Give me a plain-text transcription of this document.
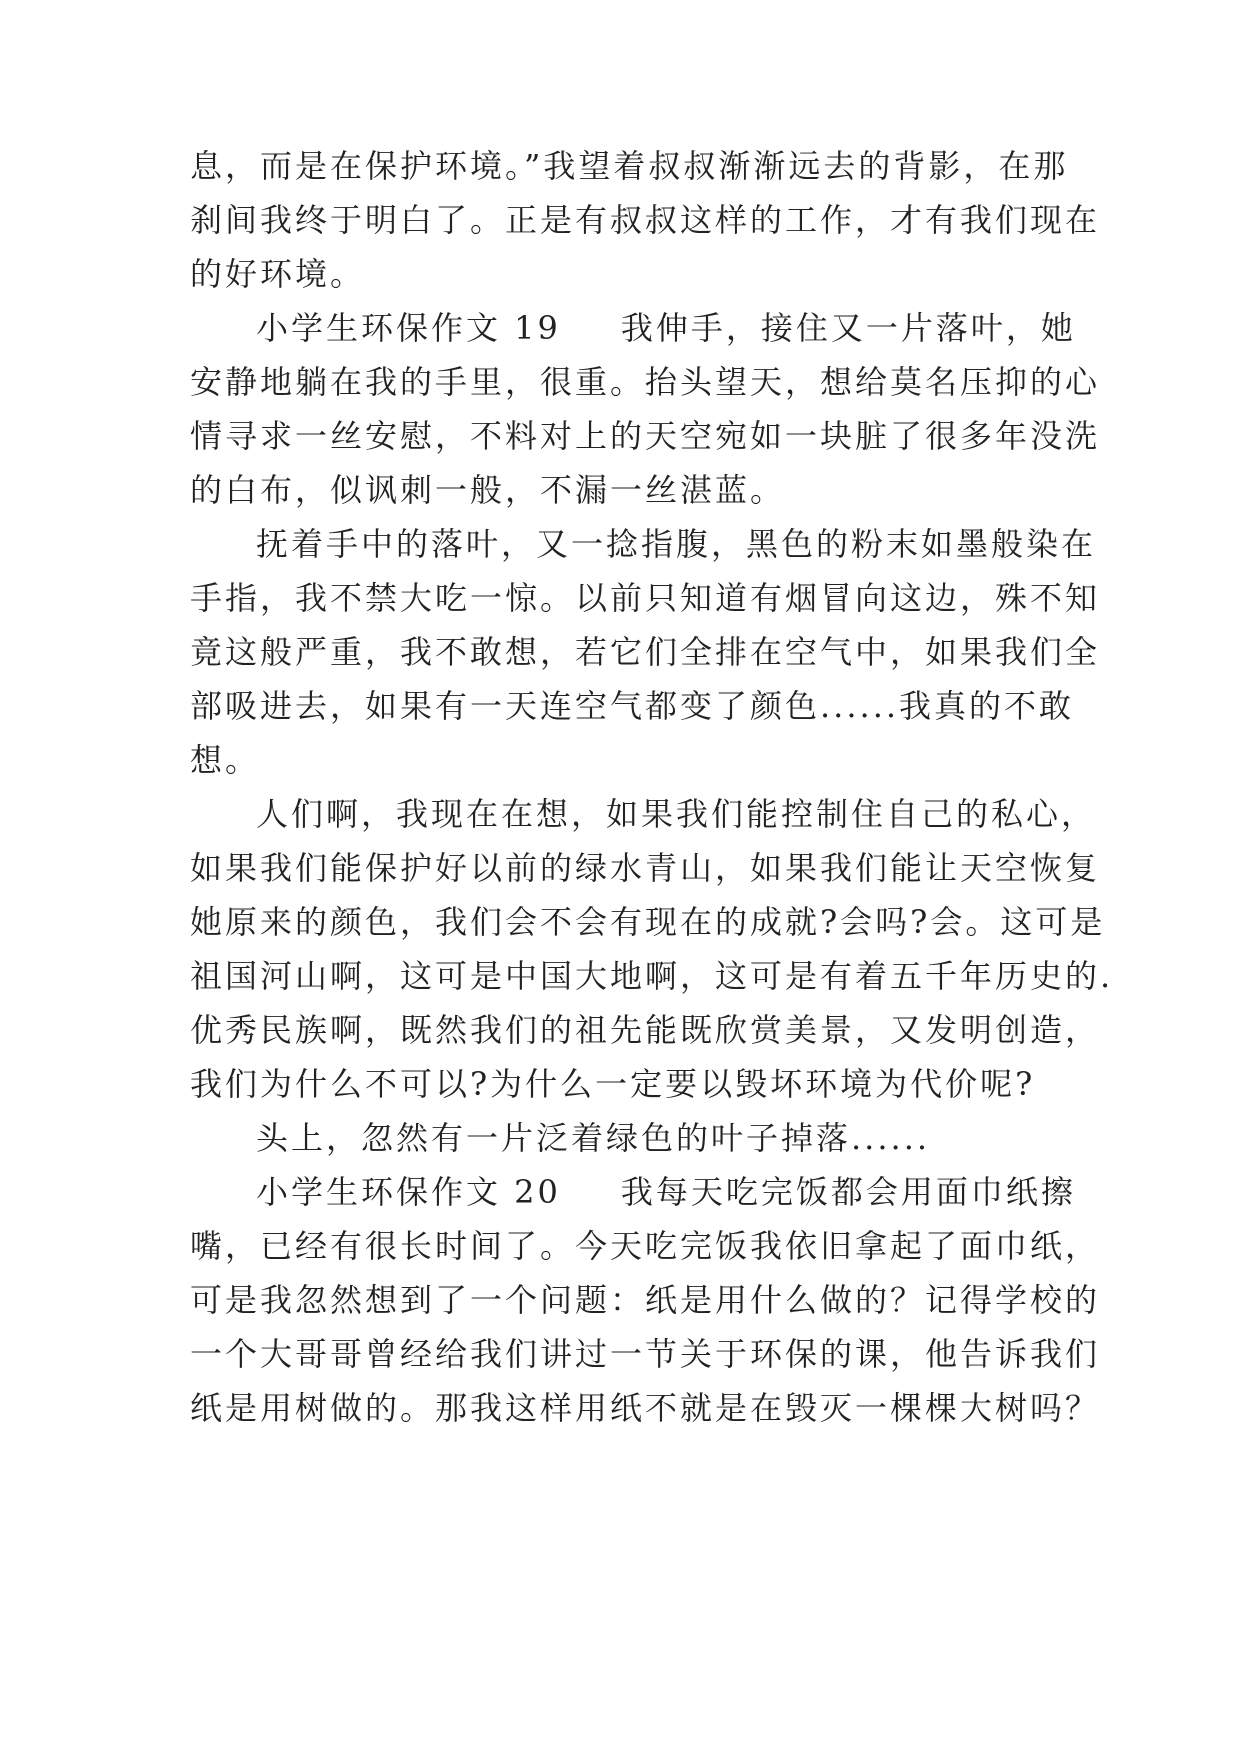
息，而是在保护环境。”我望着叔叔渐渐远去的背影，在那
刹间我终于明白了。正是有叔叔这样的工作，才有我们现在
的好环境。
小学生环保作文 19 我伸手，接住又一片落叶，她
安静地躺在我的手里，很重。抬头望天，想给莫名压抑的心
情寻求一丝安慰，不料对上的天空宛如一块脏了很多年没洗
的白布，似讽刺一般，不漏一丝湛蓝。
抚着手中的落叶，又一捻指腹，黑色的粉末如墨般染在
手指，我不禁大吃一惊。以前只知道有烟冒向这边，殊不知
竟这般严重，我不敢想，若它们全排在空气中，如果我们全
部吸进去，如果有一天连空气都变了颜色......我真的不敢
想。
人们啊，我现在在想，如果我们能控制住自己的私心，
如果我们能保护好以前的绿水青山，如果我们能让天空恢复
她原来的颜色，我们会不会有现在的成就?会吗?会。这可是
祖国河山啊，这可是中国大地啊，这可是有着五千年历史的.
优秀民族啊，既然我们的祖先能既欣赏美景，又发明创造，
我们为什么不可以?为什么一定要以毁坏环境为代价呢?
头上，忽然有一片泛着绿色的叶子掉落......
小学生环保作文 20 我每天吃完饭都会用面巾纸擦
嘴，已经有很长时间了。今天吃完饭我依旧拿起了面巾纸，
可是我忽然想到了一个问题：纸是用什么做的？记得学校的
一个大哥哥曾经给我们讲过一节关于环保的课，他告诉我们
纸是用树做的。那我这样用纸不就是在毁灭一棵棵大树吗？
